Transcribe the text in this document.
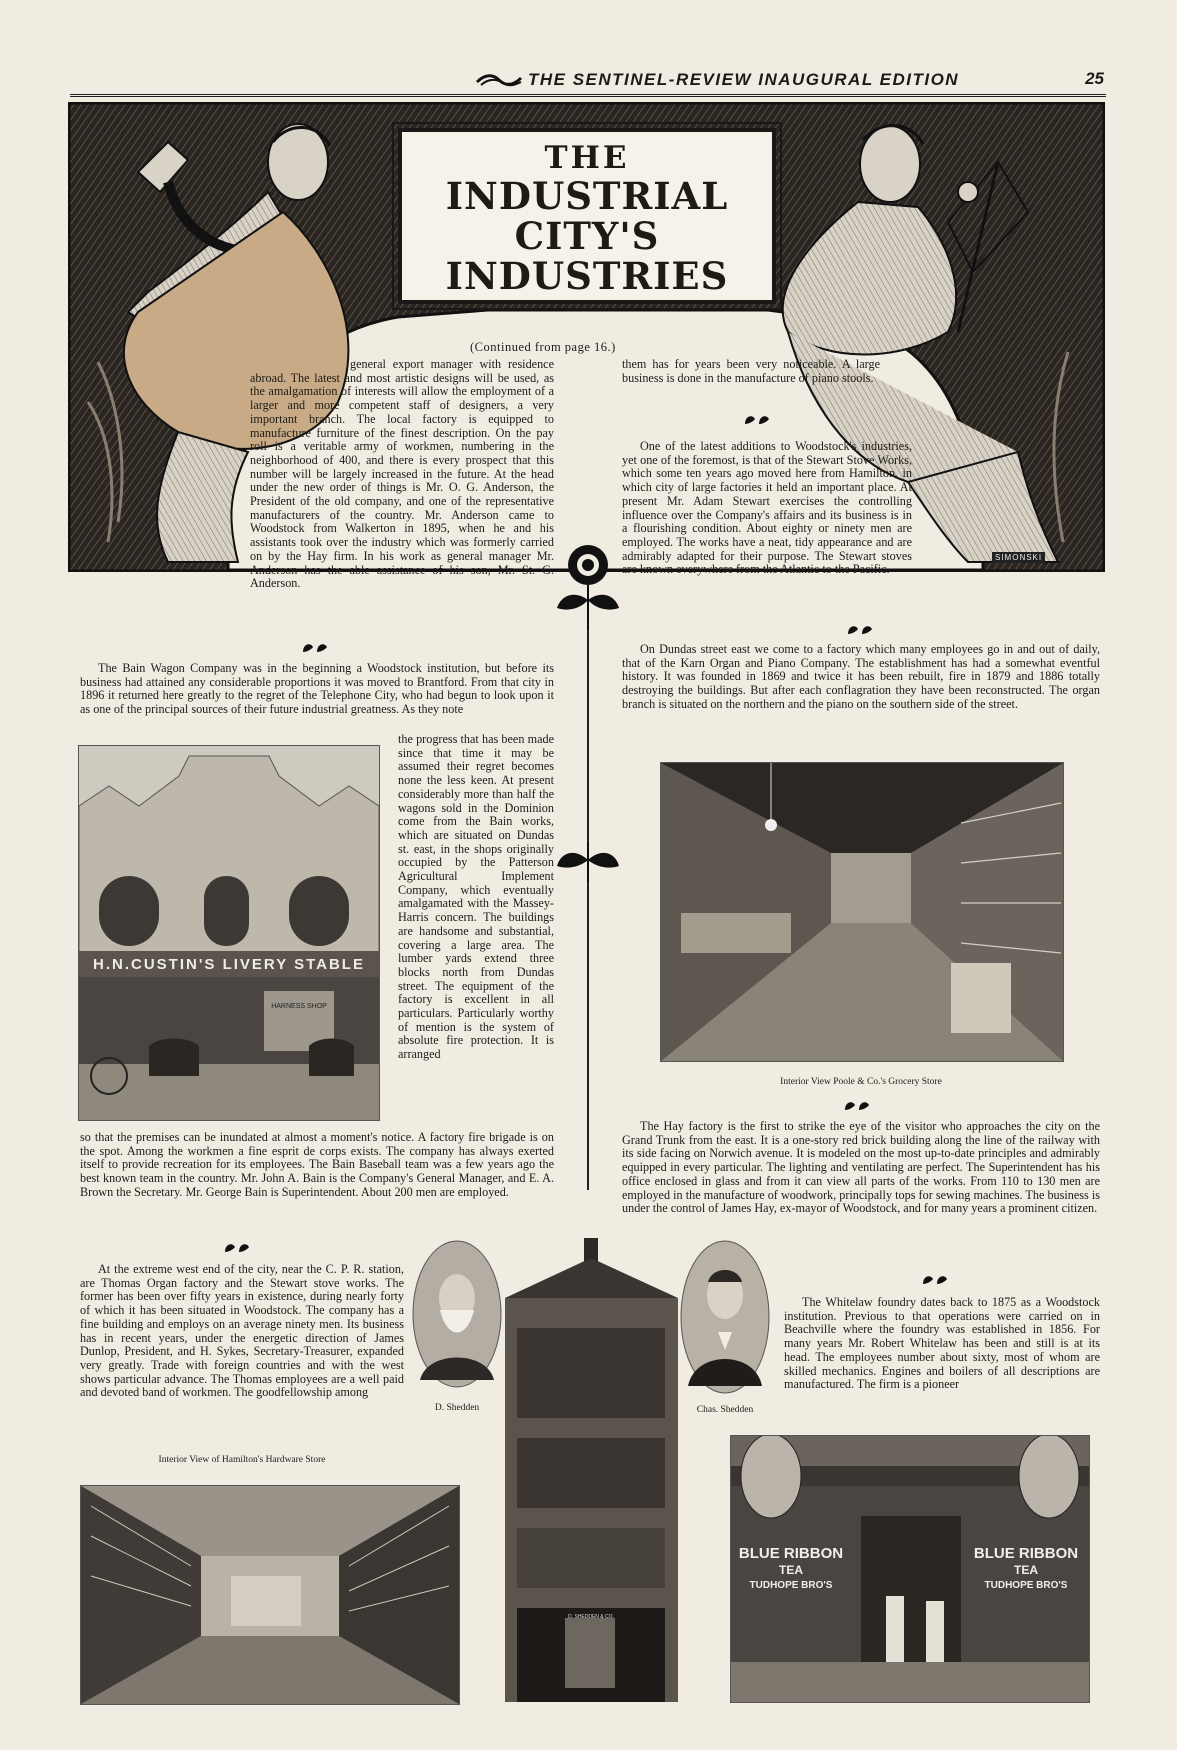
THE SENTINEL-REVIEW INAUGURAL EDITION	25
THE
INDUSTRIAL
CITY'S
INDUSTRIES
SIMONSKI
(Continued from page 16.)

general export manager with residence abroad. The latest and most artistic designs will be used, as the amalgamation of interests will allow the employment of a larger and more competent staff of designers, a very important branch. The local factory is equipped to manufacture furniture of the finest description. On the pay roll is a veritable army of workmen, numbering in the neighborhood of 400, and there is every prospect that this number will be largely increased in the future. At the head under the new order of things is Mr. O. G. Anderson, the President of the old company, and one of the representative manufacturers of the country. Mr. Anderson came to Woodstock from Walkerton in 1895, when he and his assistants took over the industry which was formerly carried on by the Hay firm. In his work as general manager Mr. Anderson has the able assistance of his son, Mr. St. G. Anderson.

The Bain Wagon Company was in the beginning a Woodstock institution, but before its business had attained any considerable proportions it was moved to Brantford. From that city in 1896 it returned here greatly to the regret of the Telephone City, who had begun to look upon it as one of the principal sources of their future industrial greatness. As they note

H.N.CUSTIN'S LIVERY STABLE
HARNESS SHOP

the progress that has been made since that time it may be assumed their regret becomes none the less keen. At present considerably more than half the wagons sold in the Dominion come from the Bain works, which are situated on Dundas st. east, in the shops originally occupied by the Patterson Agricultural Implement Company, which eventually amalgamated with the Massey-Harris concern. The buildings are handsome and substantial, covering a large area. The lumber yards extend three blocks north from Dundas street. The equipment of the factory is excellent in all particulars. Particularly worthy of mention is the system of absolute fire protection. It is arranged

so that the premises can be inundated at almost a moment's notice. A factory fire brigade is on the spot. Among the workmen a fine esprit de corps exists. The company has always exerted itself to provide recreation for its employees. The Bain Baseball team was a few years ago the best known team in the country. Mr. John A. Bain is the Company's General Manager, and E. A. Brown the Secretary. Mr. George Bain is Superintendent. About 200 men are employed.

At the extreme west end of the city, near the C. P. R. station, are Thomas Organ factory and the Stewart stove works. The former has been over fifty years in existence, during nearly forty of which it has been situated in Woodstock. The company has a fine building and employs on an average ninety men. Its business has in recent years, under the energetic direction of James Dunlop, President, and H. Sykes, Secretary-Treasurer, expanded very greatly. Trade with foreign countries and with the west shows particular advance. The Thomas employees are a well paid and devoted band of workmen. The goodfellowship among

Interior View of Hamilton's Hardware Store

them has for years been very noticeable. A large business is done in the manufacture of piano stools.

One of the latest additions to Woodstock's industries, yet one of the foremost, is that of the Stewart Stove Works, which some ten years ago moved here from Hamilton, in which city of large factories it held an important place. At present Mr. Adam Stewart exercises the controlling influence over the Company's affairs and its business is in a flourishing condition. About eighty or ninety men are employed. The works have a neat, tidy appearance and are admirably adapted for their purpose. The Stewart stoves are known everywhere from the Atlantic to the Pacific.

On Dundas street east we come to a factory which many employees go in and out of daily, that of the Karn Organ and Piano Company. The establishment has had a somewhat eventful history. It was founded in 1869 and twice it has been rebuilt, fire in 1879 and 1886 totally destroying the buildings. But after each conflagration they have been reconstructed. The organ branch is situated on the northern and the piano on the southern side of the street.

Interior View Poole & Co.'s Grocery Store

The Hay factory is the first to strike the eye of the visitor who approaches the city on the Grand Trunk from the east. It is a one-story red brick building along the line of the railway with its side facing on Norwich avenue. It is modeled on the most up-to-date principles and admirably equipped in every particular. The lighting and ventilating are perfect. The Superintendent has his office enclosed in glass and from it can view all parts of the works. From 110 to 130 men are employed in the manufacture of woodwork, principally tops for sewing machines. The business is under the control of James Hay, ex-mayor of Woodstock, and for many years a prominent citizen.

The Whitelaw foundry dates back to 1875 as a Woodstock institution. Previous to that operations were carried on in Beachville where the foundry was established in 1856. For many years Mr. Robert Whitelaw has been and still is at its head. The employees number about sixty, most of whom are skilled mechanics. Engines and boilers of all descriptions are manufactured. The firm is a pioneer

D. Shedden	Chas. Shedden
D. SHEDDEN & CO.
BLUE RIBBON
TEA
TUDHOPE BRO'S
BLUE RIBBON
TEA
TUDHOPE BRO'S
